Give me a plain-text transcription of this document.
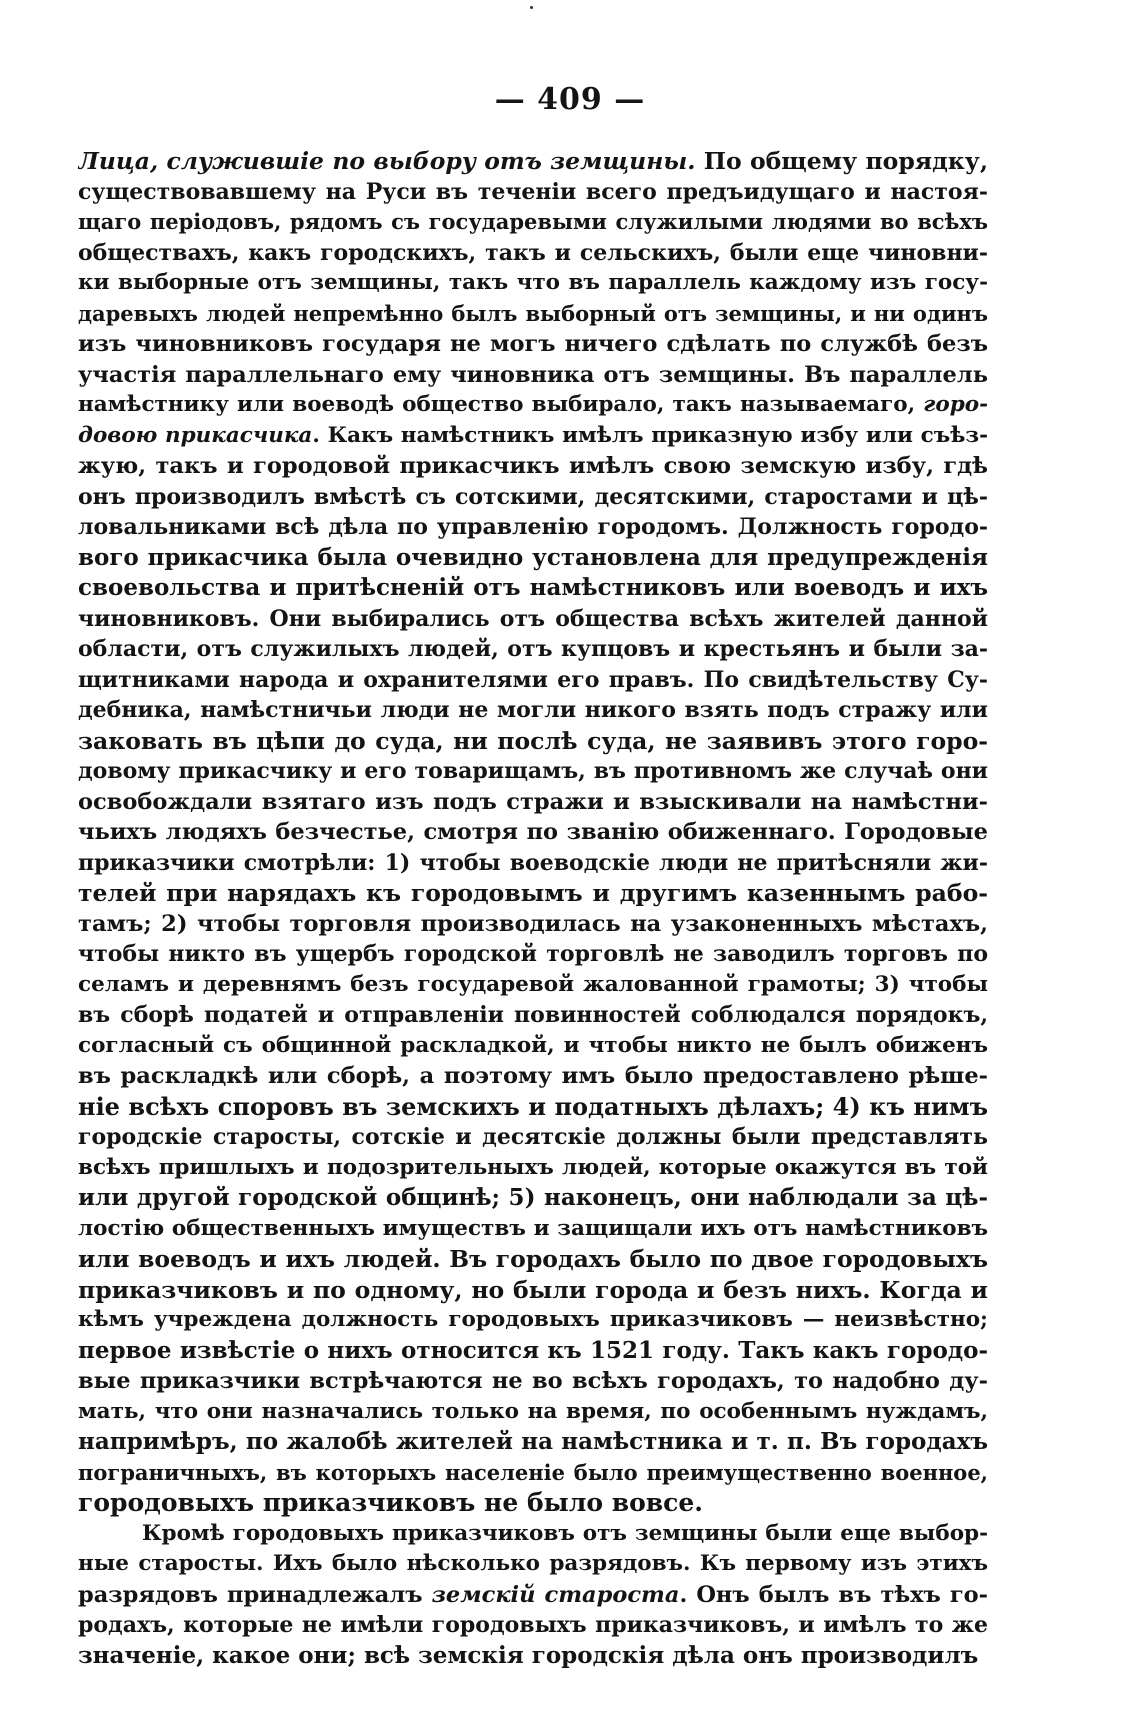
— 409 —
Лица, служившіе по выбору отъ земщины. По общему порядку,
существовавшему на Руси въ теченіи всего предъидущаго и настоя-
щаго періодовъ, рядомъ съ государевыми служилыми людями во всѣхъ
обществахъ, какъ городскихъ, такъ и сельскихъ, были еще чиновни-
ки выборные отъ земщины, такъ что въ параллель каждому изъ госу-
даревыхъ людей непремѣнно былъ выборный отъ земщины, и ни одинъ
изъ чиновниковъ государя не могъ ничего сдѣлать по службѣ безъ
участія параллельнаго ему чиновника отъ земщины. Въ параллель
намѣстнику или воеводѣ общество выбирало, такъ называемаго, горо-
довою прикасчика. Какъ намѣстникъ имѣлъ приказную избу или съѣз-
жую, такъ и городовой прикасчикъ имѣлъ свою земскую избу, гдѣ
онъ производилъ вмѣстѣ съ сотскими, десятскими, старостами и цѣ-
ловальниками всѣ дѣла по управленію городомъ. Должность городо-
вого прикасчика была очевидно установлена для предупрежденія
своевольства и притѣсненій отъ намѣстниковъ или воеводъ и ихъ
чиновниковъ. Они выбирались отъ общества всѣхъ жителей данной
области, отъ служилыхъ людей, отъ купцовъ и крестьянъ и были за-
щитниками народа и охранителями его правъ. По свидѣтельству Су-
дебника, намѣстничьи люди не могли никого взять подъ стражу или
заковать въ цѣпи до суда, ни послѣ суда, не заявивъ этого горо-
довому прикасчику и его товарищамъ, въ противномъ же случаѣ они
освобождали взятаго изъ подъ стражи и взыскивали на намѣстни-
чьихъ людяхъ безчестье, смотря по званію обиженнаго. Городовые
приказчики смотрѣли: 1) чтобы воеводскіе люди не притѣсняли жи-
телей при нарядахъ къ городовымъ и другимъ казеннымъ рабо-
тамъ; 2) чтобы торговля производилась на узаконенныхъ мѣстахъ,
чтобы никто въ ущербъ городской торговлѣ не заводилъ торговъ по
селамъ и деревнямъ безъ государевой жалованной грамоты; 3) чтобы
въ сборѣ податей и отправленіи повинностей соблюдался порядокъ,
согласный съ общинной раскладкой, и чтобы никто не былъ обиженъ
въ раскладкѣ или сборѣ, а поэтому имъ было предоставлено рѣше-
ніе всѣхъ споровъ въ земскихъ и податныхъ дѣлахъ; 4) къ нимъ
городскіе старосты, сотскіе и десятскіе должны были представлять
всѣхъ пришлыхъ и подозрительныхъ людей, которые окажутся въ той
или другой городской общинѣ; 5) наконецъ, они наблюдали за цѣ-
лостію общественныхъ имуществъ и защищали ихъ отъ намѣстниковъ
или воеводъ и ихъ людей. Въ городахъ было по двое городовыхъ
приказчиковъ и по одному, но были города и безъ нихъ. Когда и
кѣмъ учреждена должность городовыхъ приказчиковъ — неизвѣстно;
первое извѣстіе о нихъ относится къ 1521 году. Такъ какъ городо-
вые приказчики встрѣчаются не во всѣхъ городахъ, то надобно ду-
мать, что они назначались только на время, по особеннымъ нуждамъ,
напримѣръ, по жалобѣ жителей на намѣстника и т. п. Въ городахъ
пограничныхъ, въ которыхъ населеніе было преимущественно военное,
городовыхъ приказчиковъ не было вовсе.
Кромѣ городовыхъ приказчиковъ отъ земщины были еще выбор-
ные старосты. Ихъ было нѣсколько разрядовъ. Къ первому изъ этихъ
разрядовъ принадлежалъ земскій староста. Онъ былъ въ тѣхъ го-
родахъ, которые не имѣли городовыхъ приказчиковъ, и имѣлъ то же
значеніе, какое они; всѣ земскія городскія дѣла онъ производилъ
